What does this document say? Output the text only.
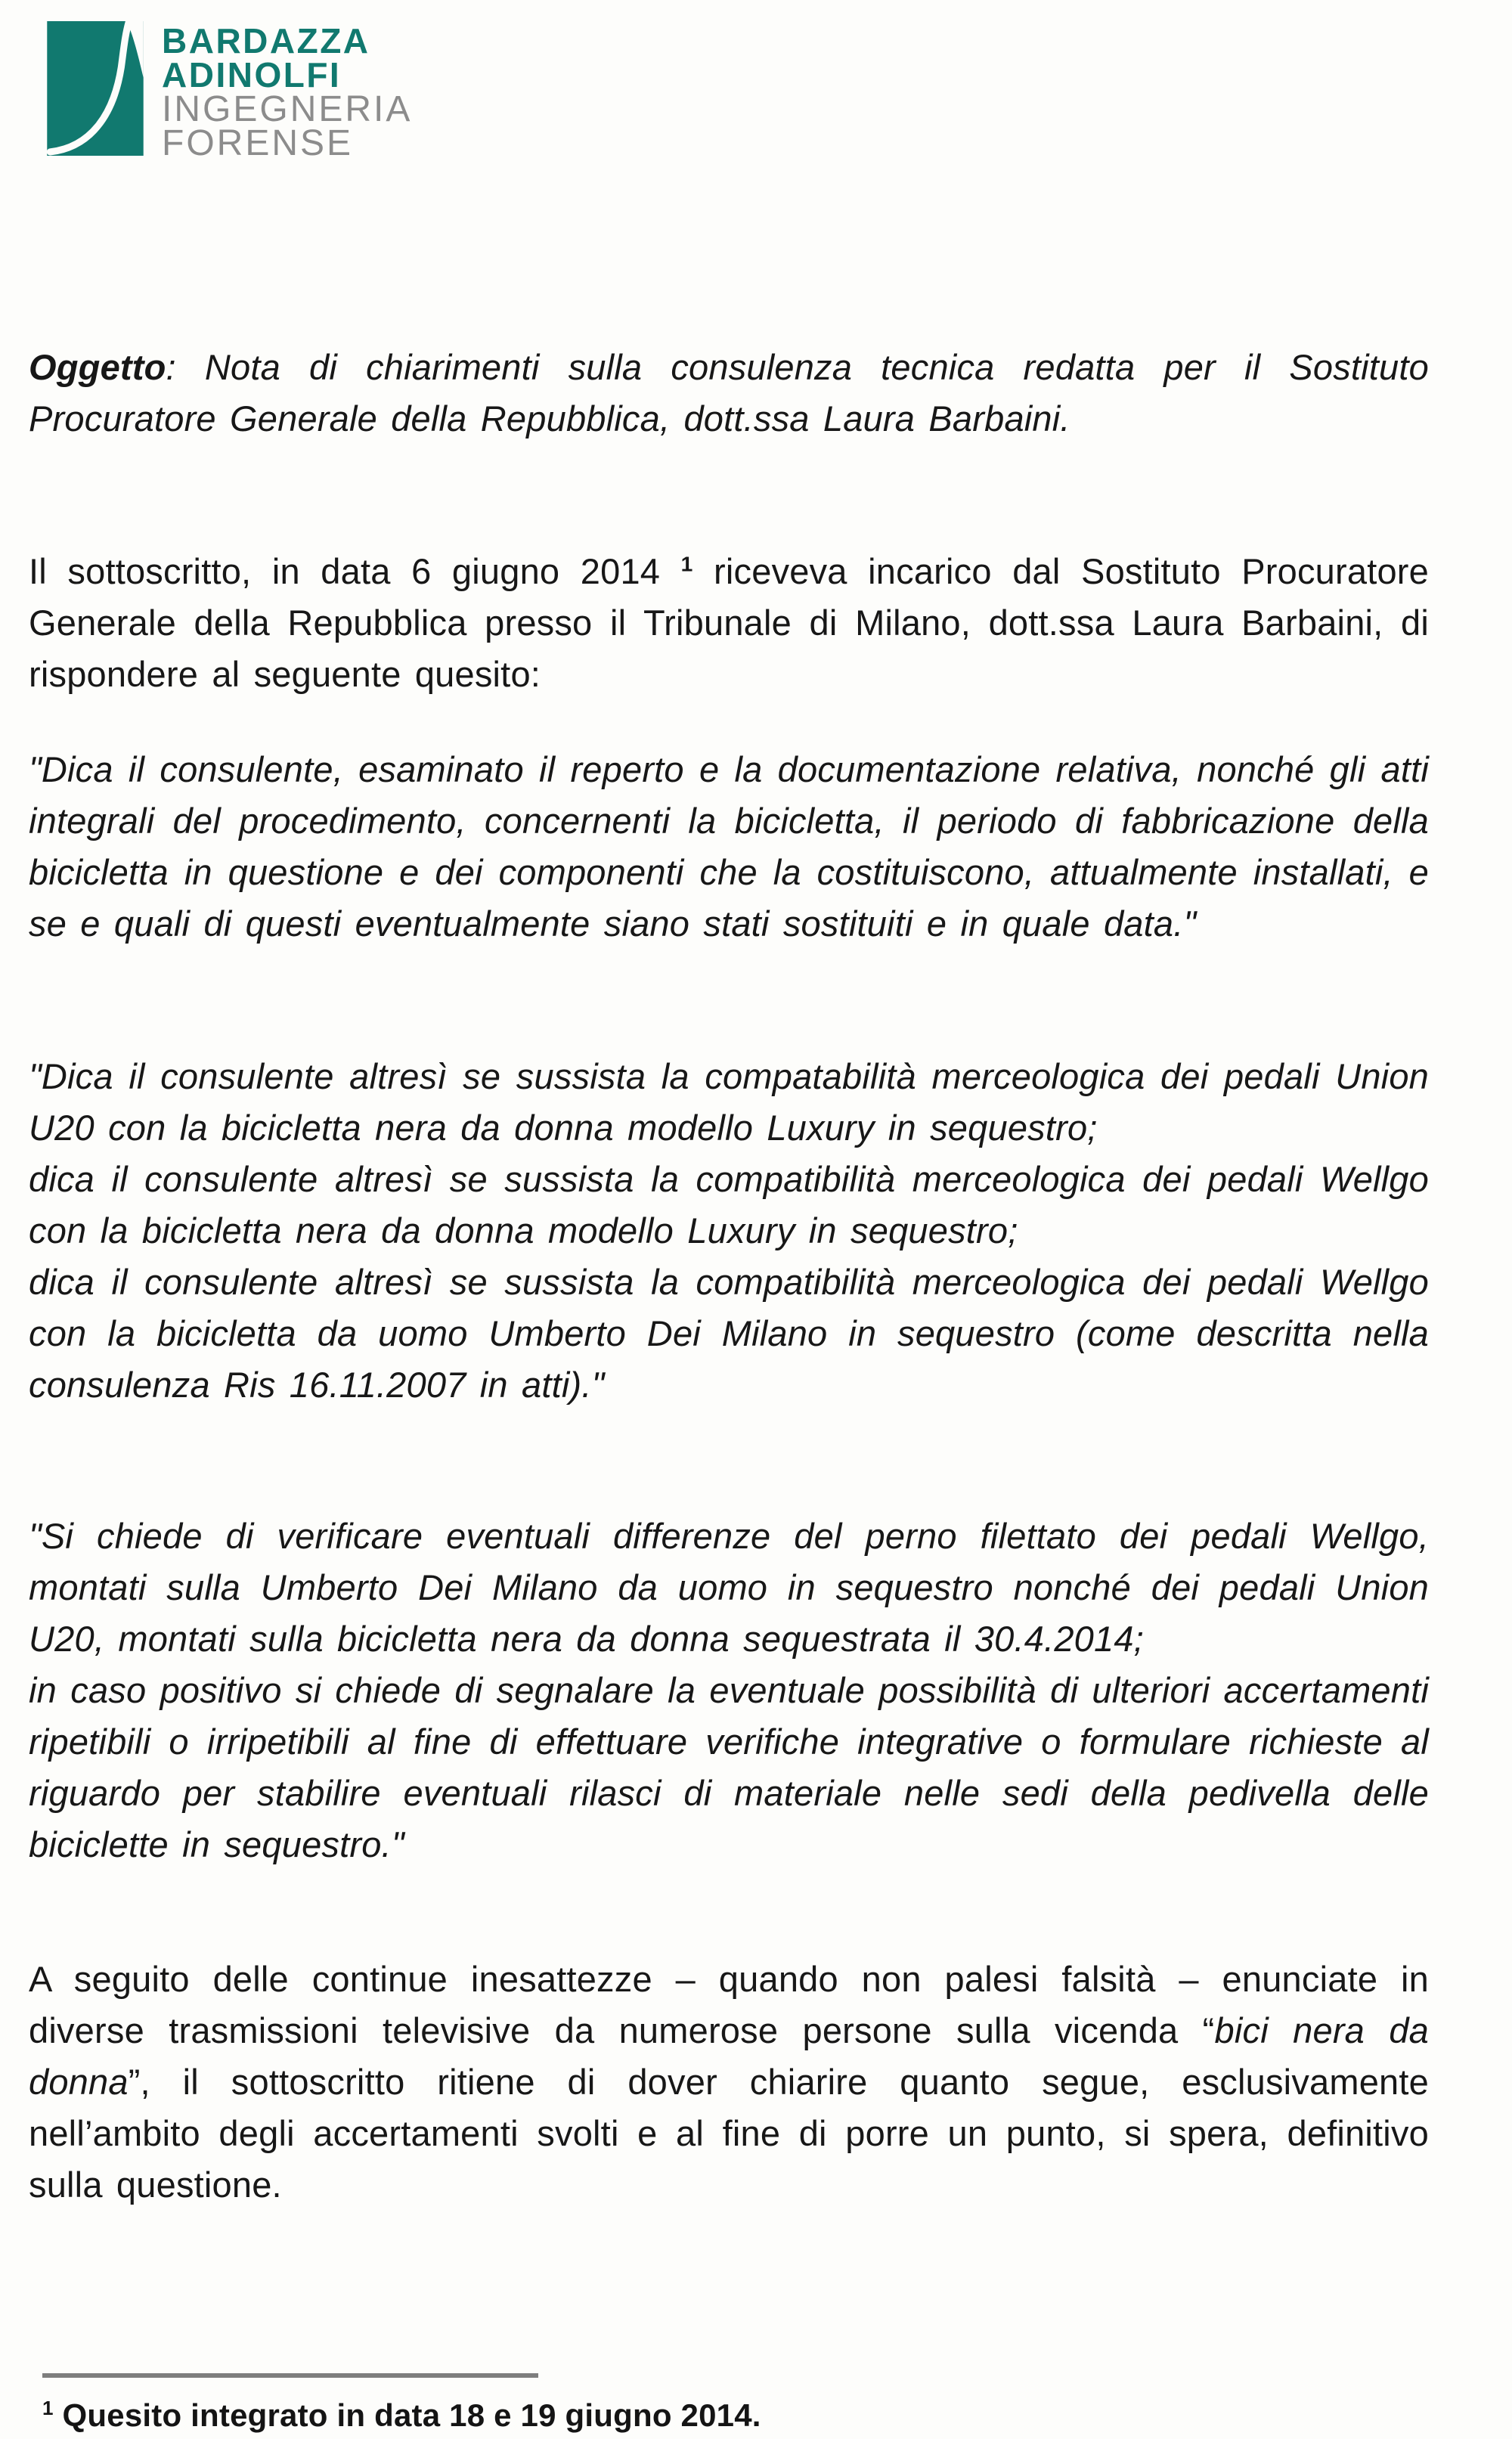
BARDAZZA
ADINOLFI
INGEGNERIA
FORENSE

Oggetto: Nota di chiarimenti sulla consulenza tecnica redatta per il Sostituto Procuratore Generale della Repubblica, dott.ssa Laura Barbaini.

Il sottoscritto, in data 6 giugno 2014 $^1$ riceveva incarico dal Sostituto Procuratore Generale della Repubblica presso il Tribunale di Milano, dott.ssa Laura Barbaini, di rispondere al seguente quesito:

"Dica il consulente, esaminato il reperto e la documentazione relativa, nonché gli atti integrali del procedimento, concernenti la bicicletta, il periodo di fabbricazione della bicicletta in questione e dei componenti che la costituiscono, attualmente installati, e se e quali di questi eventualmente siano stati sostituiti e in quale data."

"Dica il consulente altresì se sussista la compatabilità merceologica dei pedali Union U20 con la bicicletta nera da donna modello Luxury in sequestro;

dica il consulente altresì se sussista la compatibilità merceologica dei pedali Wellgo con la bicicletta nera da donna modello Luxury in sequestro;

dica il consulente altresì se sussista la compatibilità merceologica dei pedali Wellgo con la bicicletta da uomo Umberto Dei Milano in sequestro (come descritta nella consulenza Ris 16.11.2007 in atti)."

"Si chiede di verificare eventuali differenze del perno filettato dei pedali Wellgo, montati sulla Umberto Dei Milano da uomo in sequestro nonché dei pedali Union U20, montati sulla bicicletta nera da donna sequestrata il 30.4.2014;

in caso positivo si chiede di segnalare la eventuale possibilità di ulteriori accertamenti ripetibili o irripetibili al fine di effettuare verifiche integrative o formulare richieste al riguardo per stabilire eventuali rilasci di materiale nelle sedi della pedivella delle biciclette in sequestro."

A seguito delle continue inesattezze – quando non palesi falsità – enunciate in diverse trasmissioni televisive da numerose persone sulla vicenda “bici nera da donna”, il sottoscritto ritiene di dover chiarire quanto segue, esclusivamente nell’ambito degli accertamenti svolti e al fine di porre un punto, si spera, definitivo sulla questione.

$^1$ Quesito integrato in data 18 e 19 giugno 2014.
